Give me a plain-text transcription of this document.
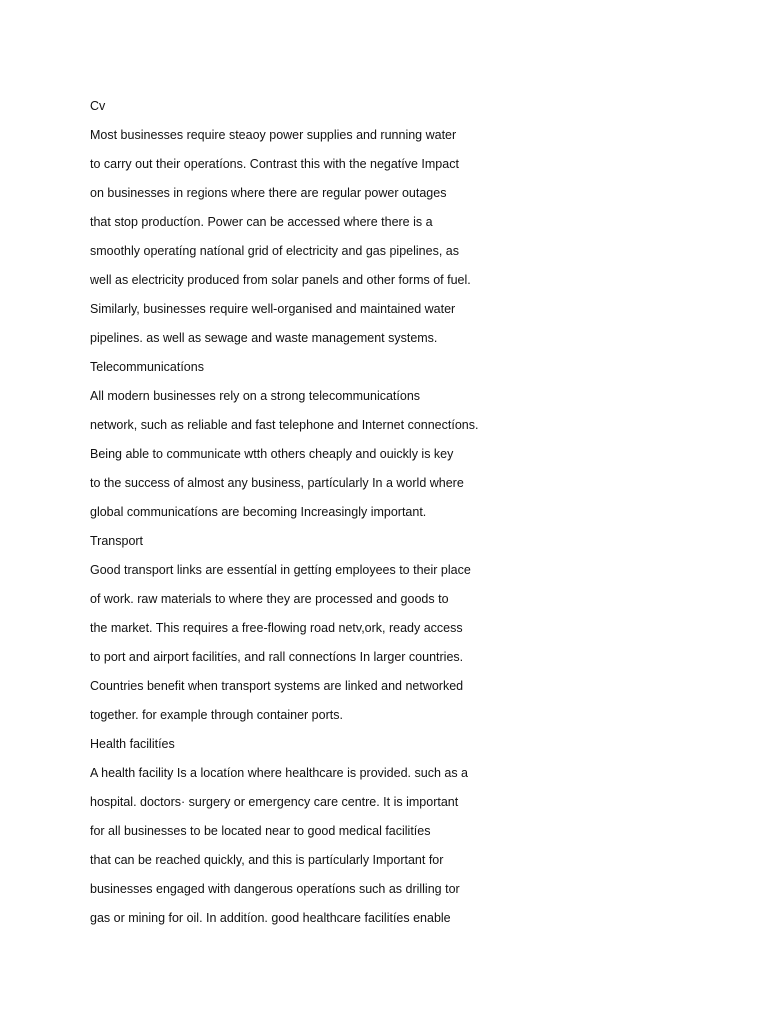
Cv
Most businesses require steaoy power supplies and running water
to carry out their operatíons. Contrast this with the negatíve Impact
on businesses in regions where there are regular power outages
that stop productíon. Power can be accessed where there is a
smoothly operatíng natíonal grid of electricity and gas pipelines, as
well as electricity produced from solar panels and other forms of fuel.
Similarly, businesses require well-organised and maintained water
pipelines. as well as sewage and waste management systems.
Telecommunicatíons
All modern businesses rely on a strong telecommunicatíons
network, such as reliable and fast telephone and Internet connectíons.
Being able to communicate wtth others cheaply and ouickly is key
to the success of almost any business, partícularly In a world where
global communicatíons are becoming Increasingly important.
Transport
Good transport links are essentíal in gettíng employees to their place
of work. raw materials to where they are processed and goods to
the market. This requires a free-flowing road netv,ork, ready access
to port and airport facilitíes, and rall connectíons In larger countries.
Countries benefit when transport systems are linked and networked
together. for example through container ports.
Health facilitíes
A health facility Is a locatíon where healthcare is provided. such as a
hospital. doctors· surgery or emergency care centre. It is important
for all businesses to be located near to good medical facilitíes
that can be reached quickly, and this is partícularly Important for
businesses engaged with dangerous operatíons such as drilling tor
gas or mining for oil. In additíon. good healthcare facilitíes enable
